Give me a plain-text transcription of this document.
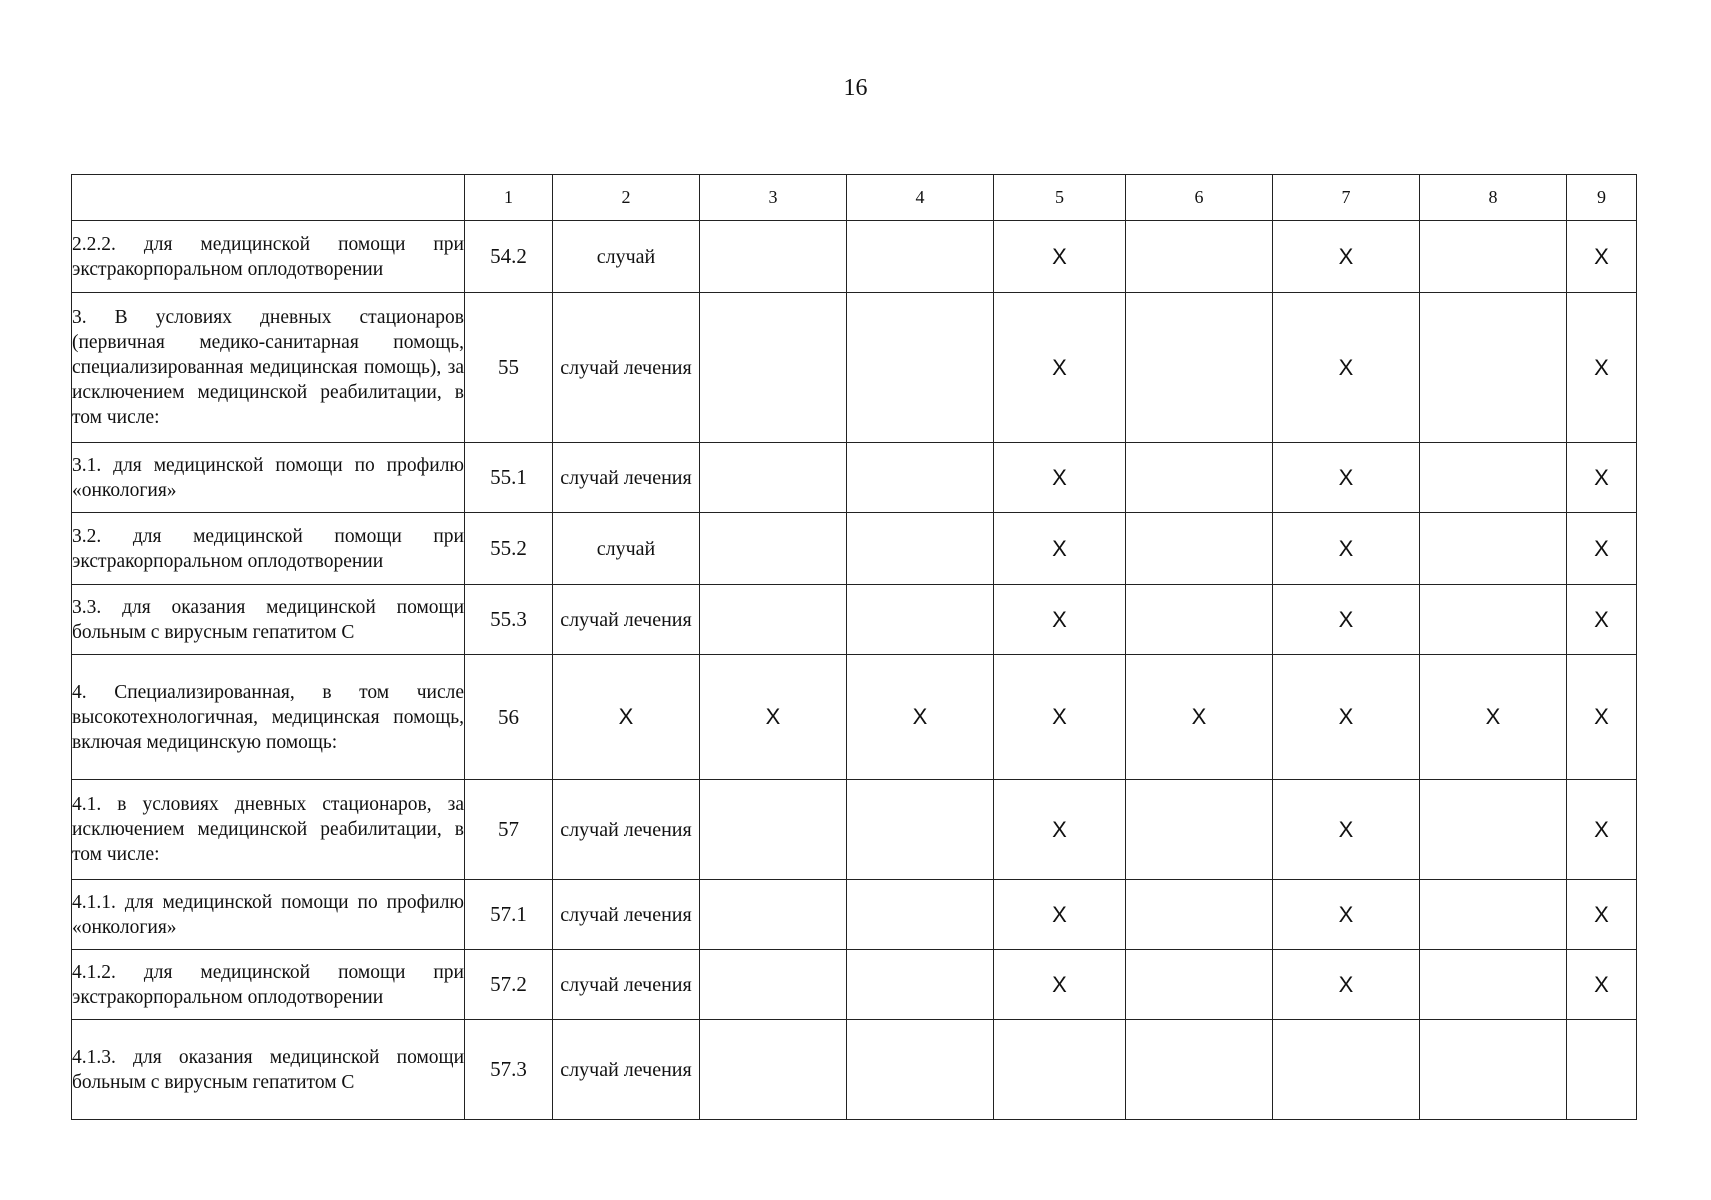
16
	1	2	3	4	5	6	7	8	9
2.2.2. для медицинской помощи при экстракорпоральном оплодотворении	54.2	случай			X		X		X
3. В условиях дневных стационаров (первичная медико-санитарная помощь, специализированная медицинская помощь), за исключением медицинской реабилитации, в том числе:	55	случай лечения			X		X		X
3.1. для медицинской помощи по профилю «онкология»	55.1	случай лечения			X		X		X
3.2. для медицинской помощи при экстракорпоральном оплодотворении	55.2	случай			X		X		X
3.3. для оказания медицинской помощи больным с вирусным гепатитом С	55.3	случай лечения			X		X		X
4. Специализированная, в том числе высокотехнологичная, медицинская помощь, включая медицинскую помощь:	56	X	X	X	X	X	X	X	X
4.1. в условиях дневных стационаров, за исключением медицинской реабилитации, в том числе:	57	случай лечения			X		X		X
4.1.1. для медицинской помощи по профилю «онкология»	57.1	случай лечения			X		X		X
4.1.2. для медицинской помощи при экстракорпоральном оплодотворении	57.2	случай лечения			X		X		X
4.1.3. для оказания медицинской помощи больным с вирусным гепатитом С	57.3	случай лечения							
